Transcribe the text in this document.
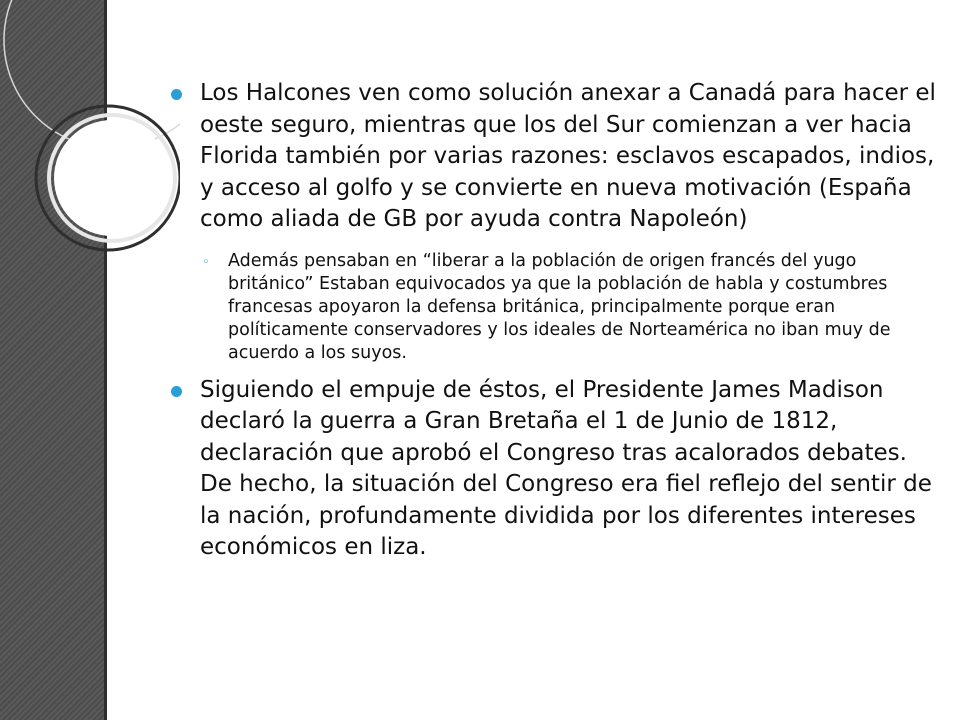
Los Halcones ven como solución anexar a Canadá para hacer el oeste seguro, mientras que los del Sur comienzan a ver hacia Florida también por varias razones: esclavos escapados, indios, y acceso al golfo y se convierte en nueva motivación (España como aliada de GB por ayuda contra Napoleón)
◦ Además pensaban en “liberar a la población de origen francés del yugo británico” Estaban equivocados ya que la población de habla y costumbres francesas apoyaron la defensa británica, principalmente porque eran políticamente conservadores y los ideales de Norteamérica no iban muy de acuerdo a los suyos.
Siguiendo el empuje de éstos, el Presidente James Madison declaró la guerra a Gran Bretaña el 1 de Junio de 1812, declaración que aprobó el Congreso tras acalorados debates. De hecho, la situación del Congreso era fiel reflejo del sentir de la nación, profundamente dividida por los diferentes intereses económicos en liza.
